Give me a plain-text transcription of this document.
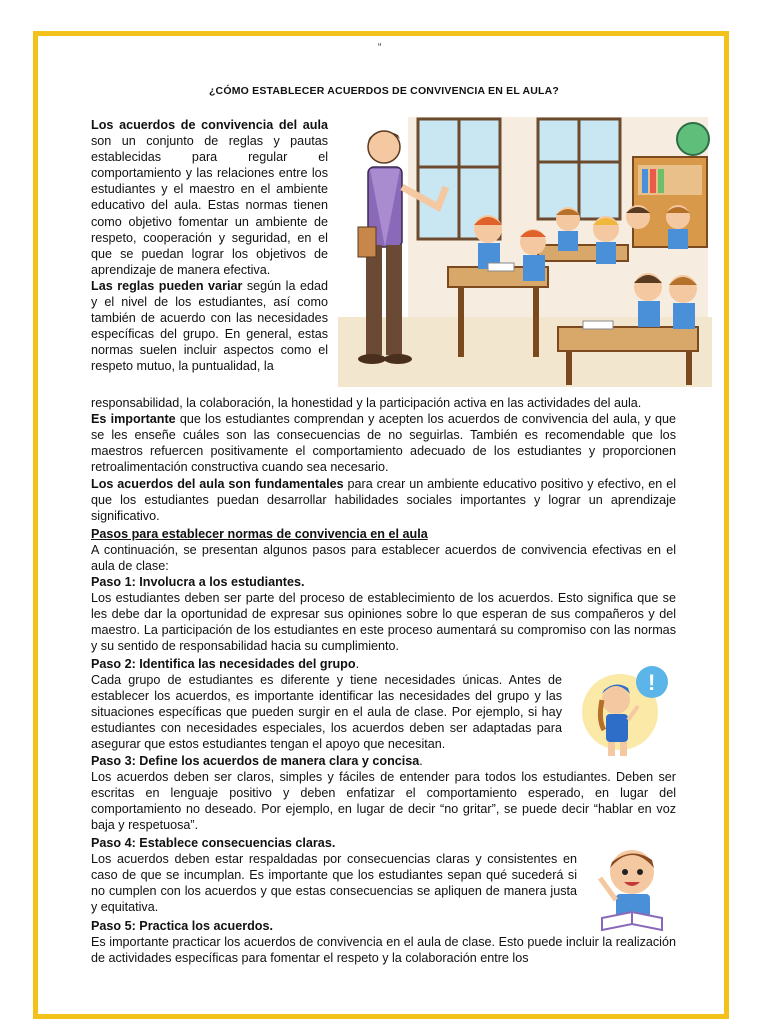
“
¿CÓMO ESTABLECER ACUERDOS DE CONVIVENCIA EN EL AULA?

Los acuerdos de convivencia del aula son un conjunto de reglas y pautas establecidas para regular el comportamiento y las relaciones entre los estudiantes y el maestro en el ambiente educativo del aula. Estas normas tienen como objetivo fomentar un ambiente de respeto, cooperación y seguridad, en el que se puedan lograr los objetivos de aprendizaje de manera efectiva.

Las reglas pueden variar según la edad y el nivel de los estudiantes, así como también de acuerdo con las necesidades específicas del grupo. En general, estas normas suelen incluir aspectos como el respeto mutuo, la puntualidad, la

responsabilidad, la colaboración, la honestidad y la participación activa en las actividades del aula.
Es importante que los estudiantes comprendan y acepten los acuerdos de convivencia del aula, y que se les enseñe cuáles son las consecuencias de no seguirlas. También es recomendable que los maestros refuercen positivamente el comportamiento adecuado de los estudiantes y proporcionen retroalimentación constructiva cuando sea necesario.
Los acuerdos del aula son fundamentales para crear un ambiente educativo positivo y efectivo, en el que los estudiantes puedan desarrollar habilidades sociales importantes y lograr un aprendizaje significativo.
Pasos para establecer normas de convivencia en el aula
A continuación, se presentan algunos pasos para establecer acuerdos de convivencia efectivas en el aula de clase:
Paso 1: Involucra a los estudiantes.
Los estudiantes deben ser parte del proceso de establecimiento de los acuerdos. Esto significa que se les debe dar la oportunidad de expresar sus opiniones sobre lo que esperan de sus compañeros y del maestro. La participación de los estudiantes en este proceso aumentará su compromiso con las normas y su sentido de responsabilidad hacia su cumplimiento.
Paso 2: Identifica las necesidades del grupo.
Cada grupo de estudiantes es diferente y tiene necesidades únicas. Antes de establecer los acuerdos, es importante identificar las necesidades del grupo y las situaciones específicas que pueden surgir en el aula de clase. Por ejemplo, si hay estudiantes con necesidades especiales, los acuerdos deben ser adaptadas para asegurar que estos estudiantes tengan el apoyo que necesitan.
!
Paso 3: Define los acuerdos de manera clara y concisa.
Los acuerdos deben ser claros, simples y fáciles de entender para todos los estudiantes. Deben ser escritas en lenguaje positivo y deben enfatizar el comportamiento esperado, en lugar del comportamiento no deseado. Por ejemplo, en lugar de decir “no gritar”, se puede decir “hablar en voz baja y respetuosa”.
Paso 4: Establece consecuencias claras.
Los acuerdos deben estar respaldadas por consecuencias claras y consistentes en caso de que se incumplan. Es importante que los estudiantes sepan qué sucederá si no cumplen con los acuerdos y que estas consecuencias se apliquen de manera justa y equitativa.
Paso 5: Practica los acuerdos.
Es importante practicar los acuerdos de convivencia en el aula de clase. Esto puede incluir la realización de actividades específicas para fomentar el respeto y la colaboración entre los
